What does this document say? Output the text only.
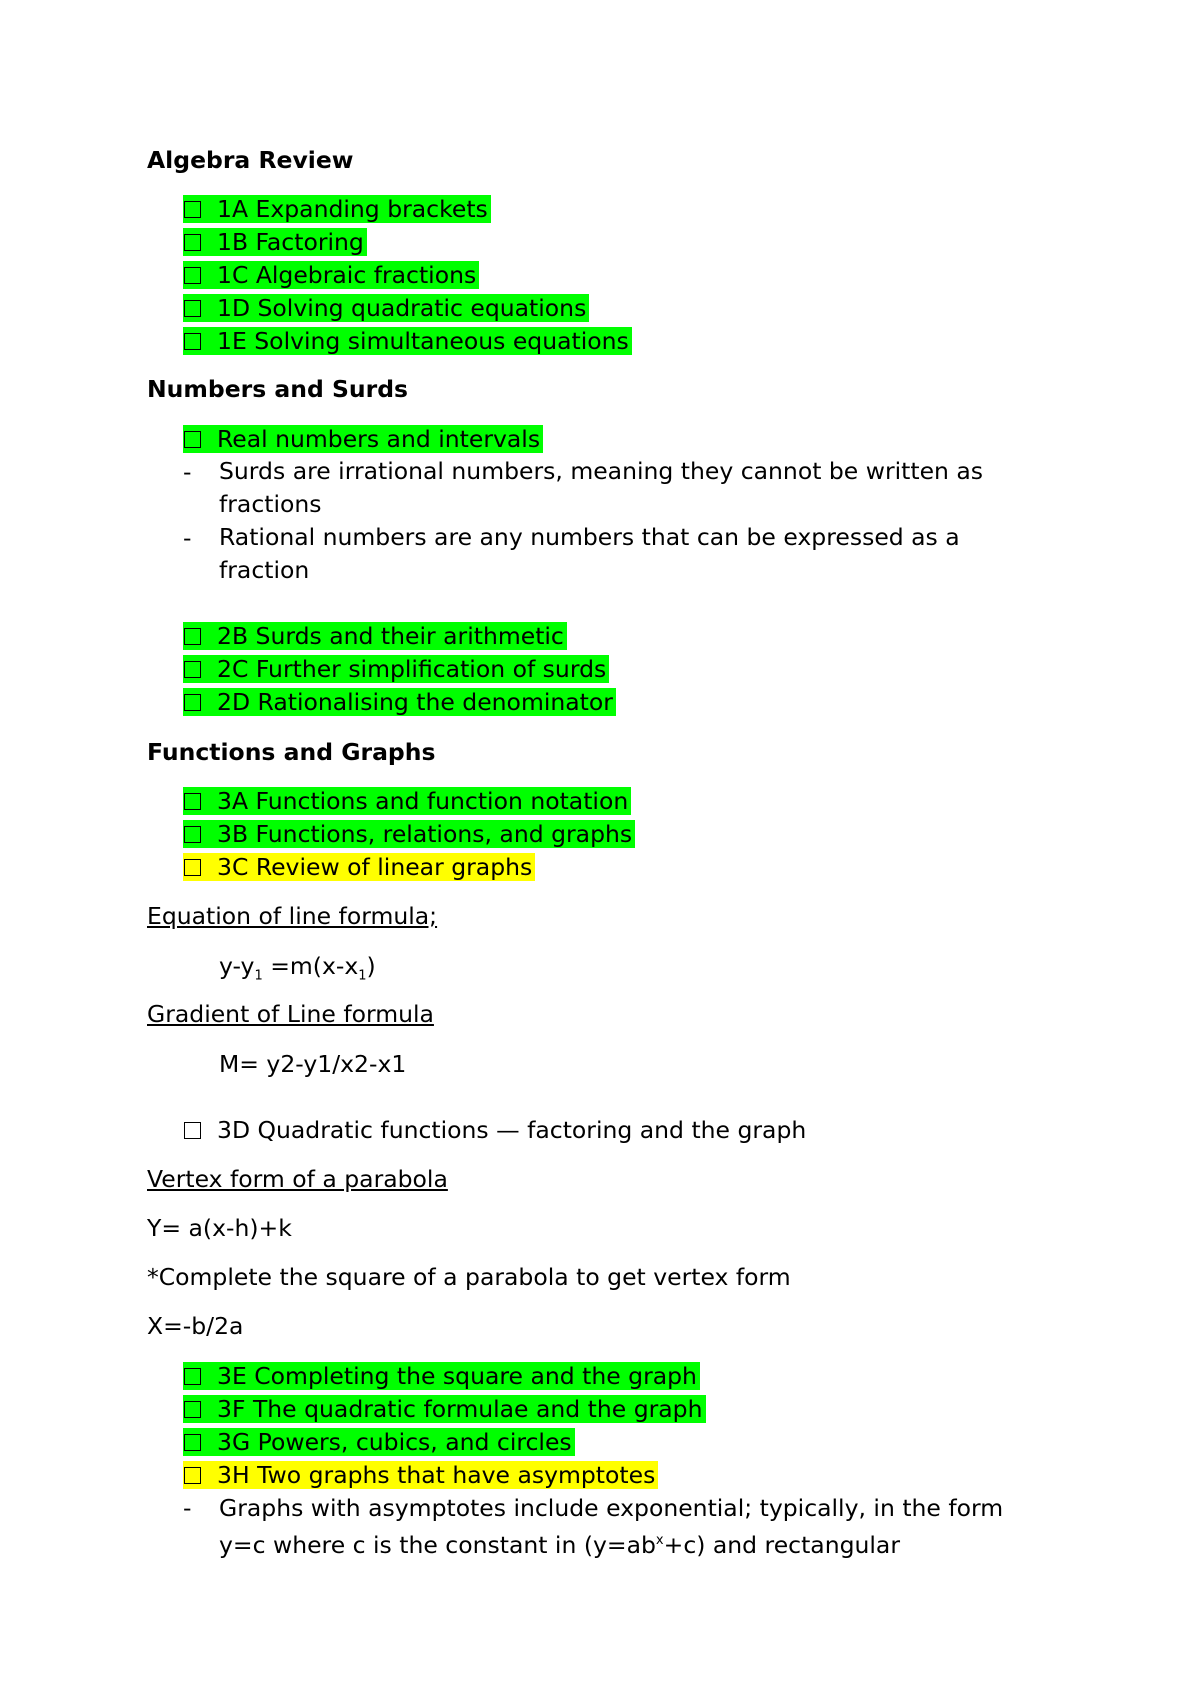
Algebra Review
1A Expanding brackets
1B Factoring
1C Algebraic fractions
1D Solving quadratic equations
1E Solving simultaneous equations
Numbers and Surds
Real numbers and intervals
- Surds are irrational numbers, meaning they cannot be written as fractions
- Rational numbers are any numbers that can be expressed as a fraction
2B Surds and their arithmetic
2C Further simplification of surds
2D Rationalising the denominator
Functions and Graphs
3A Functions and function notation
3B Functions, relations, and graphs
3C Review of linear graphs
Equation of line formula;
$y-y_1 =m(x-x_1)$
Gradient of Line formula
M= y2-y1/x2-x1
3D Quadratic functions — factoring and the graph
Vertex form of a parabola
Y= a(x-h)+k
*Complete the square of a parabola to get vertex form
X=-b/2a
3E Completing the square and the graph
3F The quadratic formulae and the graph
3G Powers, cubics, and circles
3H Two graphs that have asymptotes
- Graphs with asymptotes include exponential; typically, in the form
y=c where c is the constant in $(y=ab^x+c)$ and rectangular
